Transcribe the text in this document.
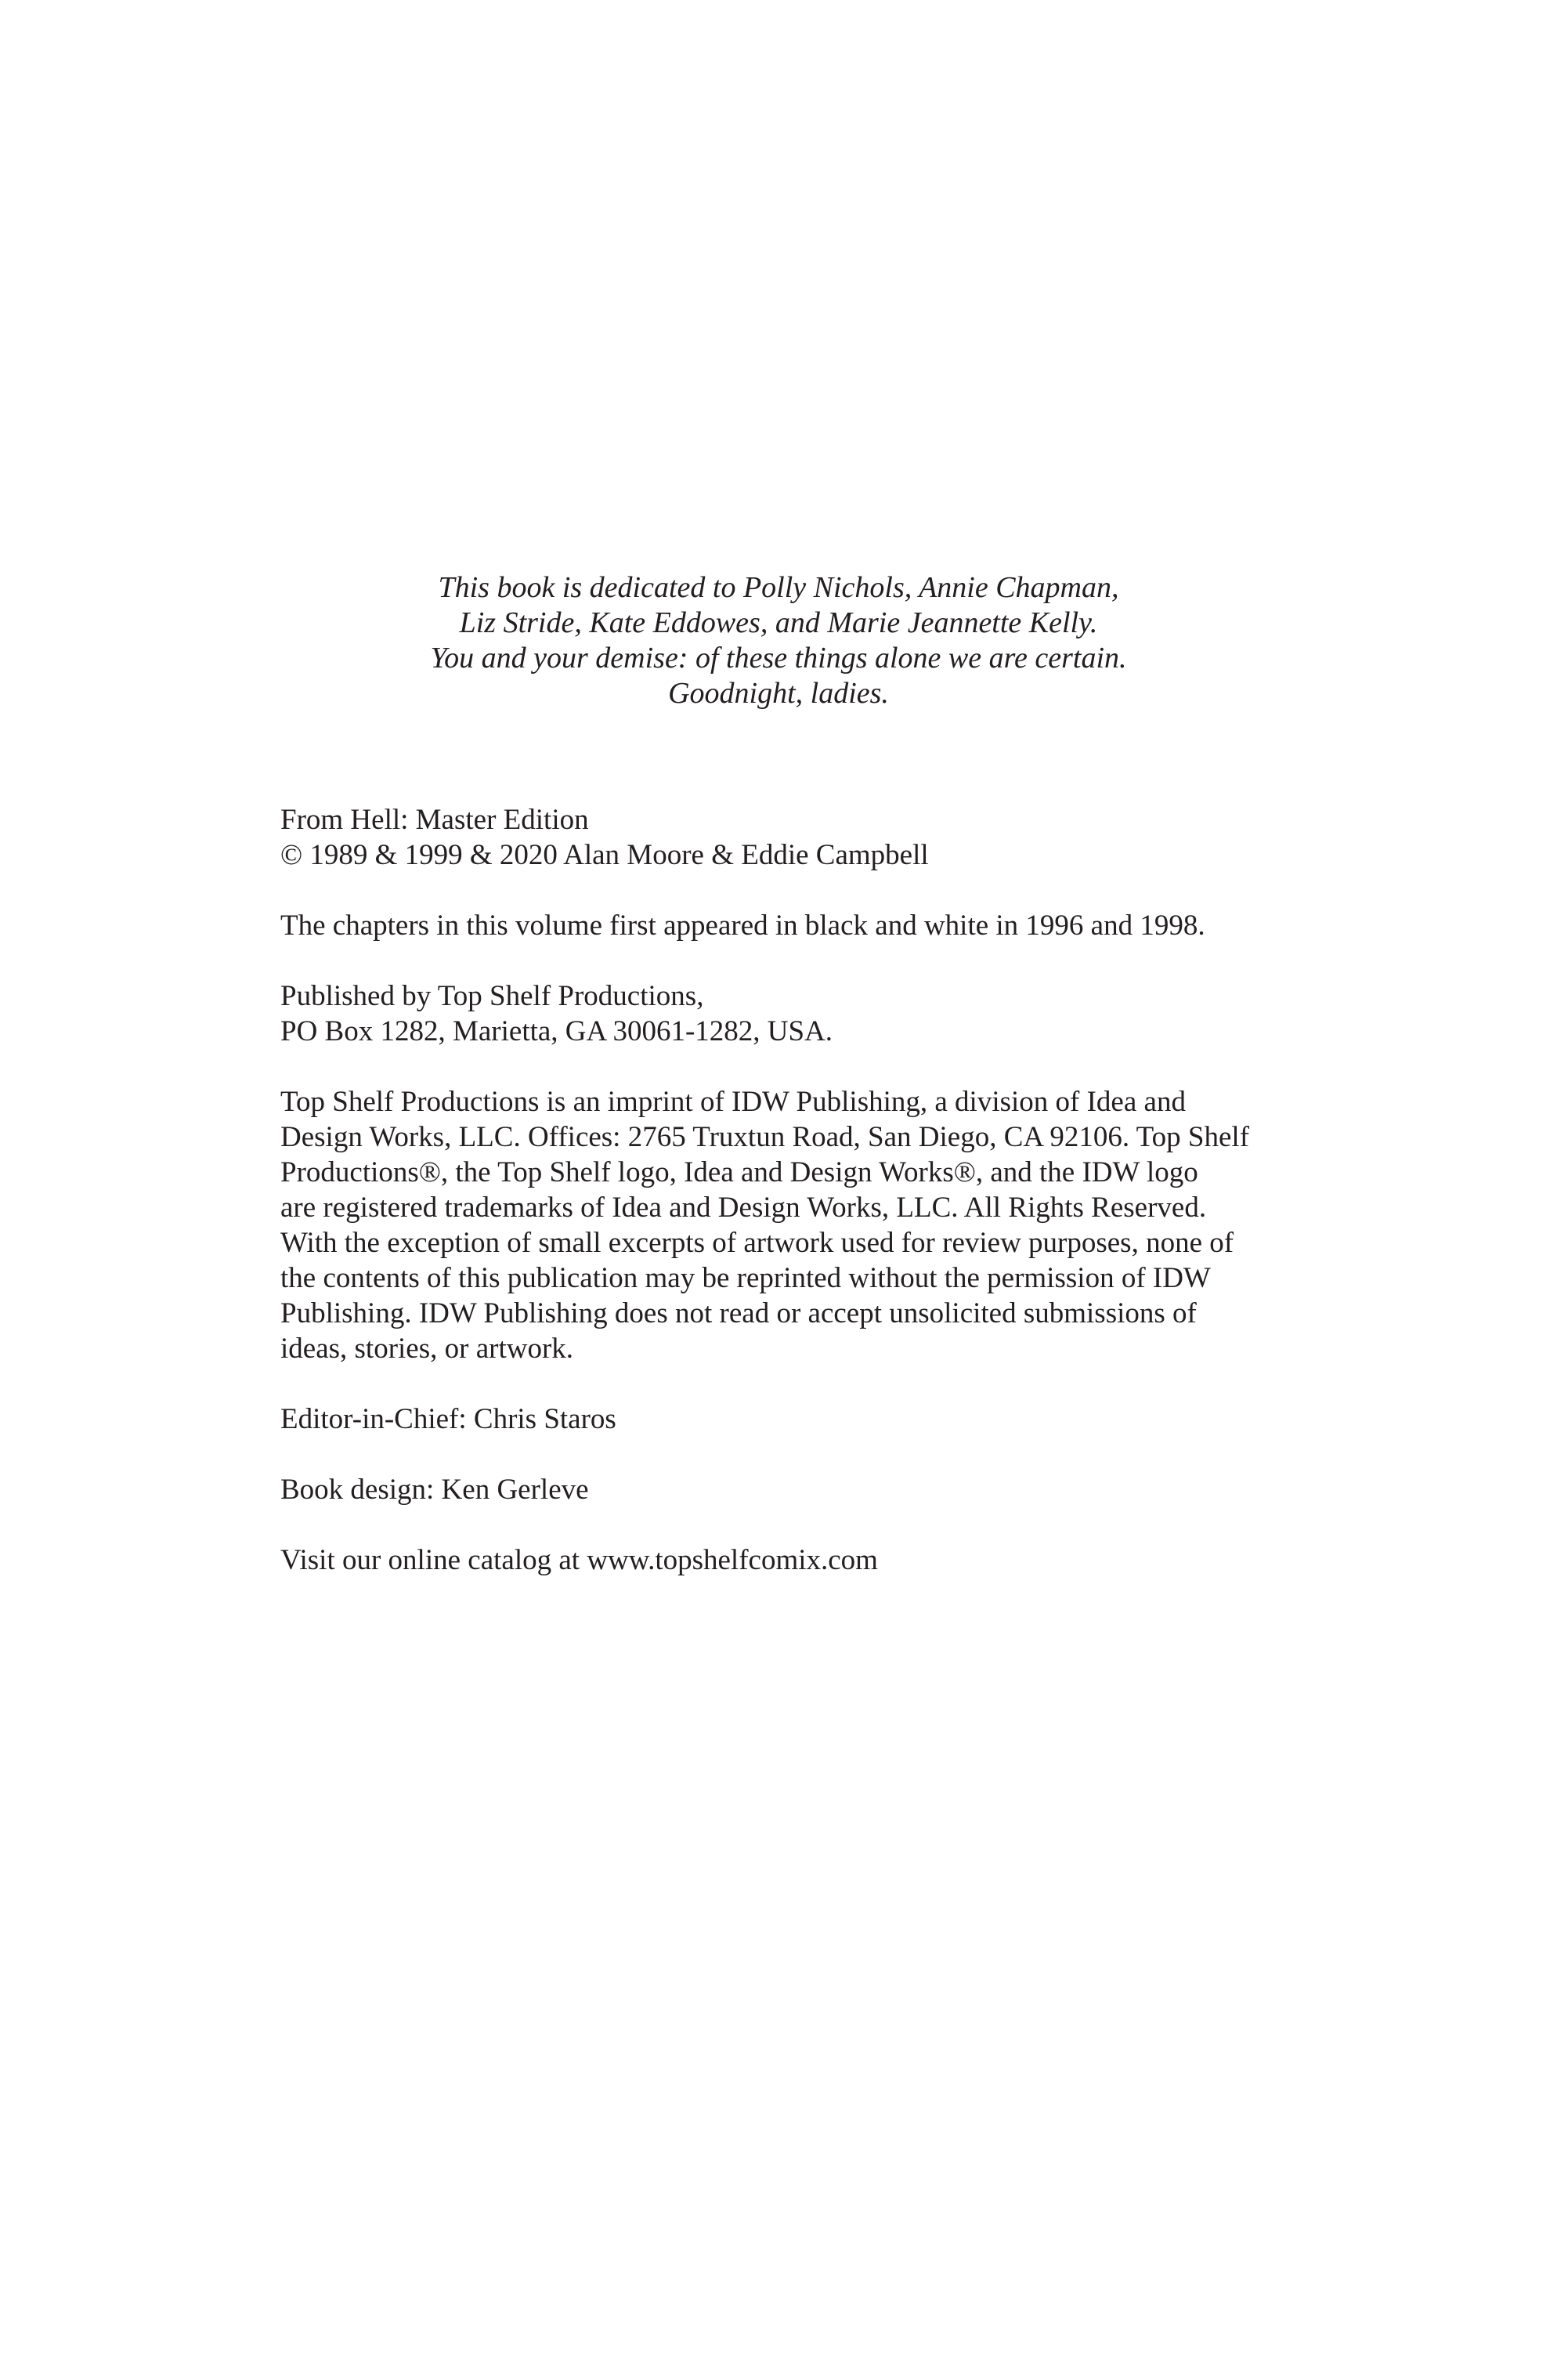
This book is dedicated to Polly Nichols, Annie Chapman,
Liz Stride, Kate Eddowes, and Marie Jeannette Kelly.
You and your demise: of these things alone we are certain.
Goodnight, ladies.
From Hell: Master Edition
© 1989 & 1999 & 2020 Alan Moore & Eddie Campbell
The chapters in this volume first appeared in black and white in 1996 and 1998.
Published by Top Shelf Productions,
PO Box 1282, Marietta, GA 30061-1282, USA.
Top Shelf Productions is an imprint of IDW Publishing, a division of Idea and
Design Works, LLC. Offices: 2765 Truxtun Road, San Diego, CA 92106. Top Shelf
Productions®, the Top Shelf logo, Idea and Design Works®, and the IDW logo
are registered trademarks of Idea and Design Works, LLC. All Rights Reserved.
With the exception of small excerpts of artwork used for review purposes, none of
the contents of this publication may be reprinted without the permission of IDW
Publishing. IDW Publishing does not read or accept unsolicited submissions of
ideas, stories, or artwork.
Editor-in-Chief: Chris Staros
Book design: Ken Gerleve
Visit our online catalog at www.topshelfcomix.com
